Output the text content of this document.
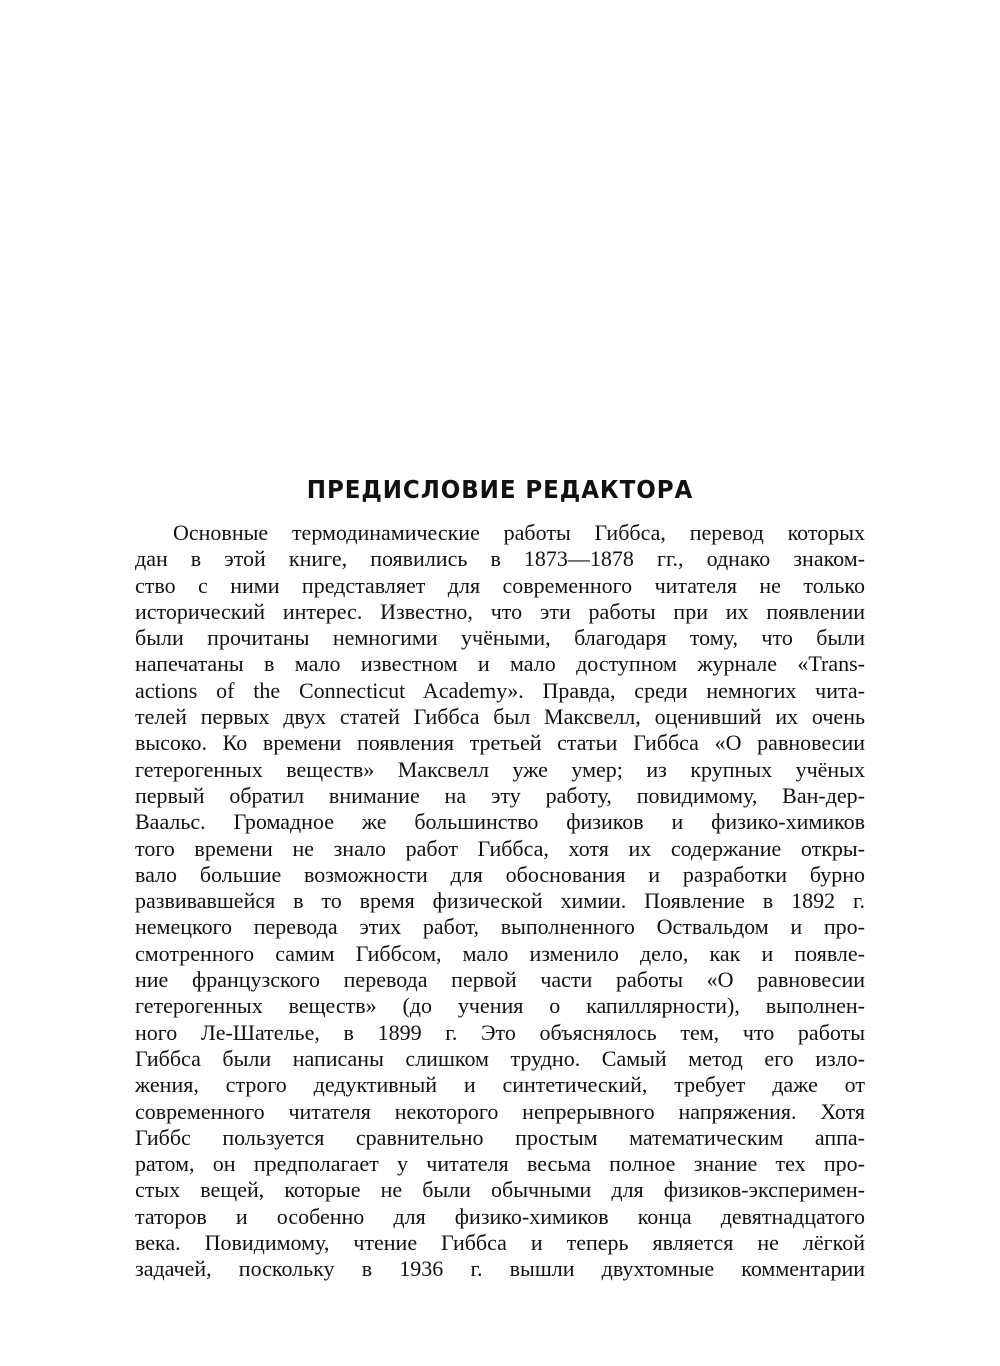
ПРЕДИСЛОВИЕ РЕДАКТОРА
Основные термодинамические работы Гиббса, перевод которых
дан в этой книге, появились в 1873—1878 гг., однако знаком-
ство с ними представляет для современного читателя не только
исторический интерес. Известно, что эти работы при их появлении
были прочитаны немногими учёными, благодаря тому, что были
напечатаны в мало известном и мало доступном журнале «Trans-
actions of the Connecticut Academy». Правда, среди немногих чита-
телей первых двух статей Гиббса был Максвелл, оценивший их очень
высоко. Ко времени появления третьей статьи Гиббса «О равновесии
гетерогенных веществ» Максвелл уже умер; из крупных учёных
первый обратил внимание на эту работу, повидимому, Ван-дер-
Ваальс. Громадное же большинство физиков и физико-химиков
того времени не знало работ Гиббса, хотя их содержание откры-
вало большие возможности для обоснования и разработки бурно
развивавшейся в то время физической химии. Появление в 1892 г.
немецкого перевода этих работ, выполненного Оствальдом и про-
смотренного самим Гиббсом, мало изменило дело, как и появле-
ние французского перевода первой части работы «О равновесии
гетерогенных веществ» (до учения о капиллярности), выполнен-
ного Ле-Шателье, в 1899 г. Это объяснялось тем, что работы
Гиббса были написаны слишком трудно. Самый метод его изло-
жения, строго дедуктивный и синтетический, требует даже от
современного читателя некоторого непрерывного напряжения. Хотя
Гиббс пользуется сравнительно простым математическим аппа-
ратом, он предполагает у читателя весьма полное знание тех про-
стых вещей, которые не были обычными для физиков-эксперимен-
таторов и особенно для физико-химиков конца девятнадцатого
века. Повидимому, чтение Гиббса и теперь является не лёгкой
задачей, поскольку в 1936 г. вышли двухтомные комментарии
